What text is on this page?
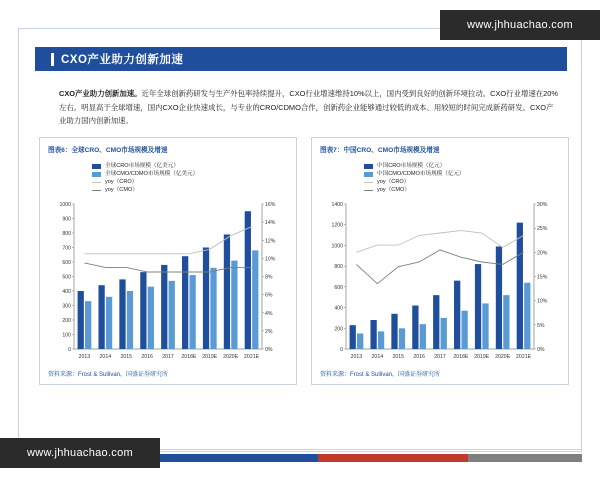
www.jhhuachao.com
CXO产业助力创新加速
CXO产业助力创新加速。近年全球创新药研发与生产外包率持续提升，CXO行业增速维持10%以上，国内受到良好的创新环境拉动。CXO行业增速在20%左右。明显高于全球增速，国内CXO企业快速成长，与专业的CRO/CDMO合作，创新药企业能够通过较低的成本、用较短的时间完成新药研发。CXO产业助力国内创新加速。
图表6：全球CRO、CMO市场规模及增速
全球CRO市场规模（亿美元）
全球CMO/CDMO市场规模（亿美元）
yoy（CRO）
yoy（CMO）
0
100
200
300
400
500
600
700
800
900
1000
0%
2%
4%
6%
8%
10%
12%
14%
16%
2013 2014 2015 2016 2017 2018E 2019E 2020E 2021E
资料来源：Frost & Sullivan，国盛证券研究所
图表7：中国CRO、CMO市场规模及增速
中国CRO市场规模（亿元）
中国CMO/CDMO市场规模（亿元）
yoy（CRO）
yoy（CMO）
0
200
400
600
800
1000
1200
1400
0%
5%
10%
15%
20%
25%
30%
2013 2014 2015 2016 2017 2018E 2019E 2020E 2021E
资料来源：Frost & Sullivan，国盛证券研究所
www.jhhuachao.com
